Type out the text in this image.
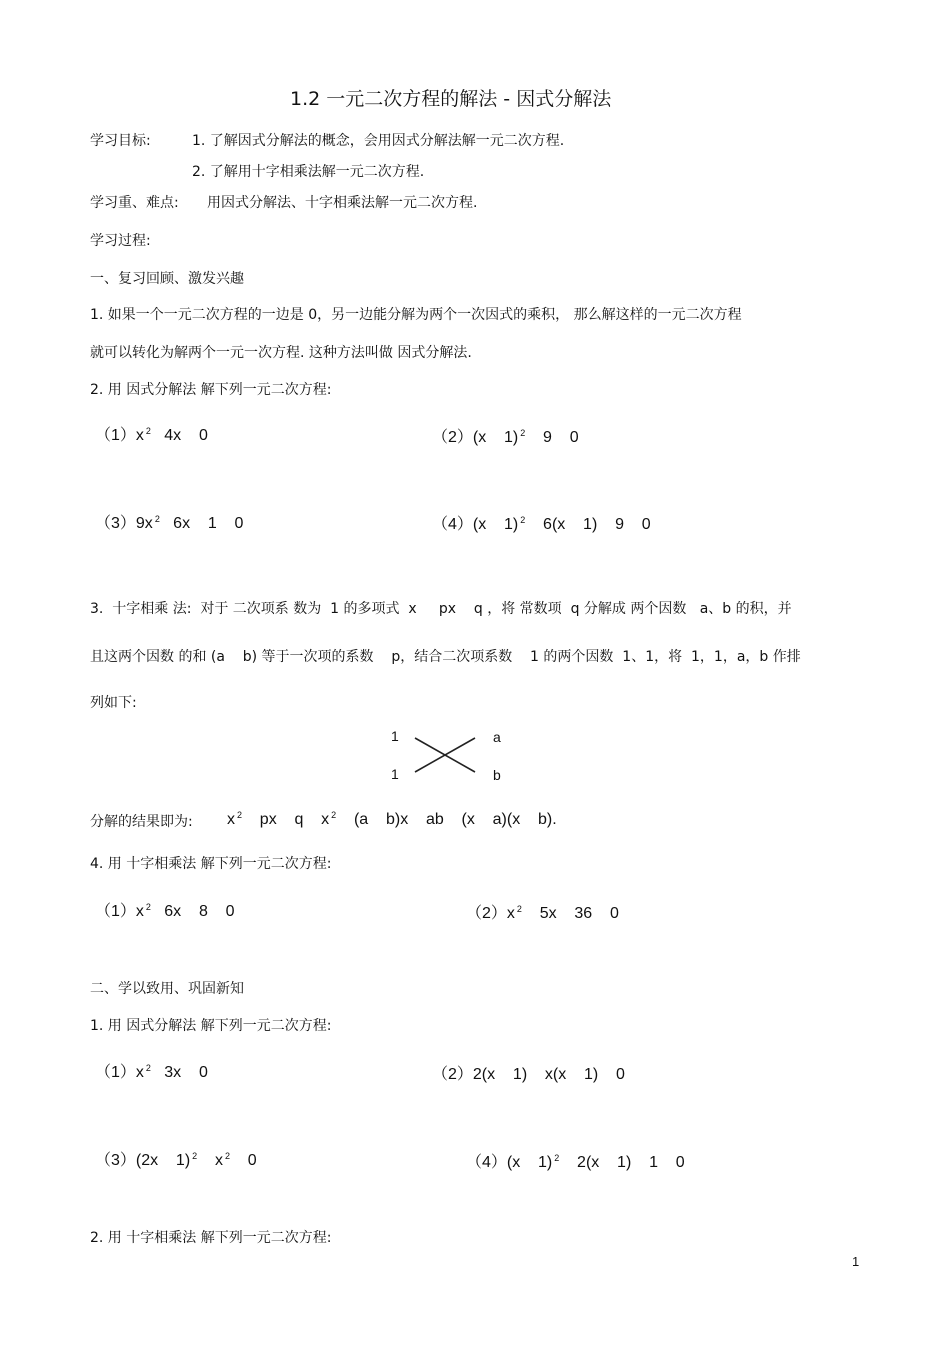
1.2 一元二次方程的解法 - 因式分解法
学习目标:	1. 了解因式分解法的概念，会用因式分解法解一元二次方程.
2. 了解用十字相乘法解一元二次方程.
学习重、难点: 用因式分解法、十字相乘法解一元二次方程.
学习过程:
一、复习回顾、激发兴趣
1. 如果一个一元二次方程的一边是 0，另一边能分解为两个一次因式的乘积， 那么解这样的一元二次方程
就可以转化为解两个一元一次方程. 这种方法叫做 因式分解法.
2. 用 因式分解法 解下列一元二次方程:
（1）x $^2$   4x    0	（2）(x    1) $^2$    9    0
（3）9x $^2$   6x    1    0	（4）(x    1) $^2$    6(x    1)    9    0
3.  十字相乘 法:  对于 二次项系 数为  1 的多项式  x     px    q ，将 常数项  q 分解成 两个因数   a、b 的积，并
且这两个因数 的和 (a    b) 等于一次项的系数    p，结合二次项系数    1 的两个因数  1、1，将  1，1，a，b 作排
列如下:
1
1
a
b
分解的结果即为: x $^2$    px    q    x $^2$    (a    b)x    ab    (x    a)(x    b).
4. 用 十字相乘法 解下列一元二次方程:
（1）x $^2$   6x    8    0	（2）x $^2$    5x    36    0
二、学以致用、巩固新知
1. 用 因式分解法 解下列一元二次方程:
（1）x $^2$   3x    0	（2）2(x    1)    x(x    1)    0
（3）(2x    1) $^2$    x $^2$    0	（4）(x    1) $^2$    2(x    1)    1    0
2. 用 十字相乘法 解下列一元二次方程:
1
